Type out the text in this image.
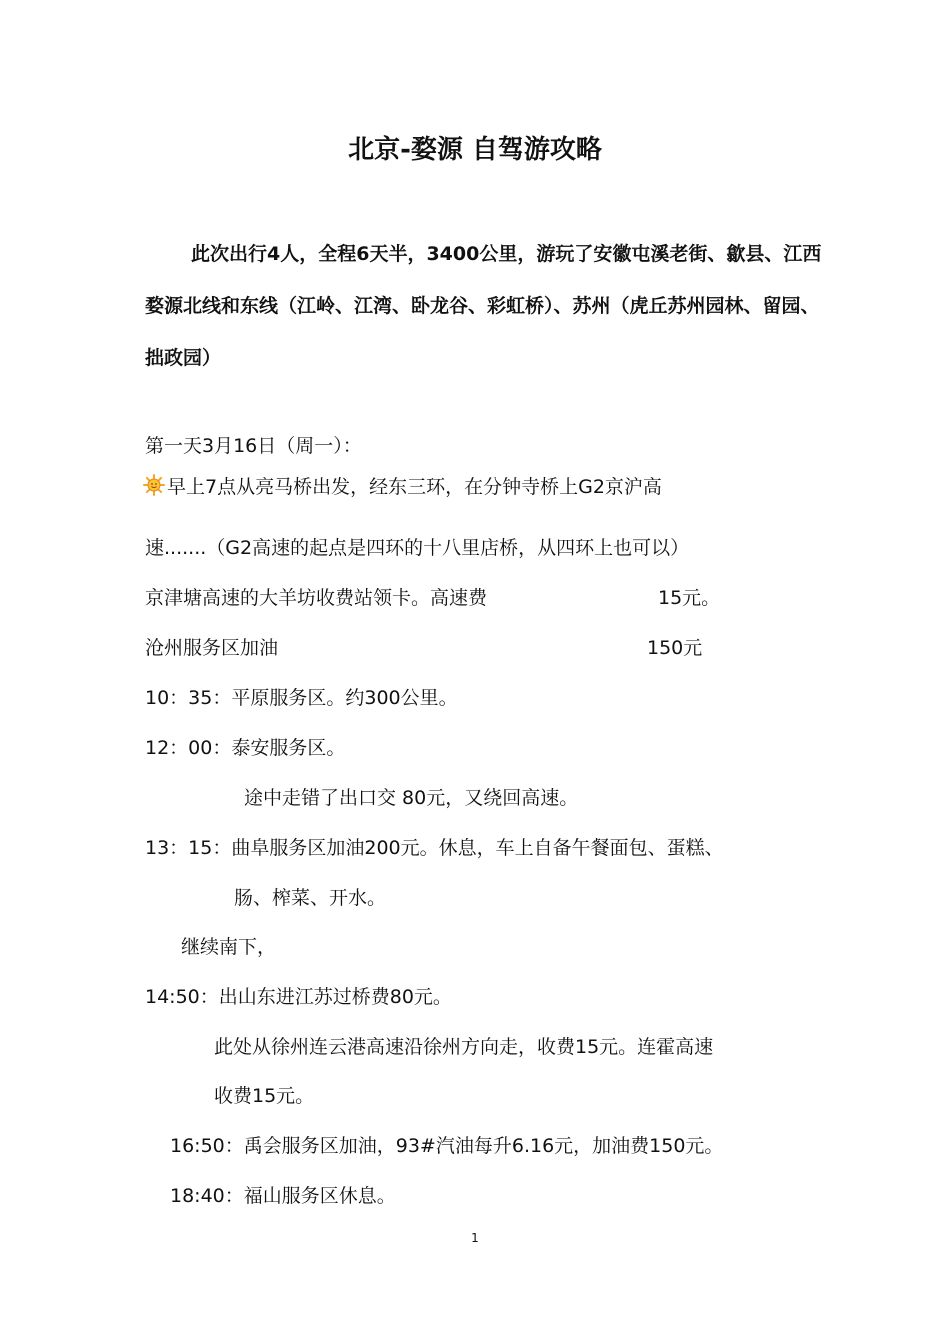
北京-婺源 自驾游攻略

此次出行4人，全程6天半，3400公里，游玩了安徽屯溪老街、歙县、江西婺源北线和东线（江岭、江湾、卧龙谷、彩虹桥）、苏州（虎丘苏州园林、留园、拙政园）

第一天3月16日（周一）：

早上7点从亮马桥出发，经东三环，在分钟寺桥上G2京沪高

速.......（G2高速的起点是四环的十八里店桥，从四环上也可以）

京津塘高速的大羊坊收费站领卡。高速费	15元。

沧州服务区加油	150元

10：35：平原服务区。约300公里。

12：00：泰安服务区。

途中走错了出口交 80元，又绕回高速。

13：15：曲阜服务区加油200元。休息，车上自备午餐面包、蛋糕、

肠、榨菜、开水。

继续南下，

14:50：出山东进江苏过桥费80元。

此处从徐州连云港高速沿徐州方向走，收费15元。连霍高速

收费15元。

16:50：禹会服务区加油，93#汽油每升6.16元，加油费150元。

18:40：福山服务区休息。

1
